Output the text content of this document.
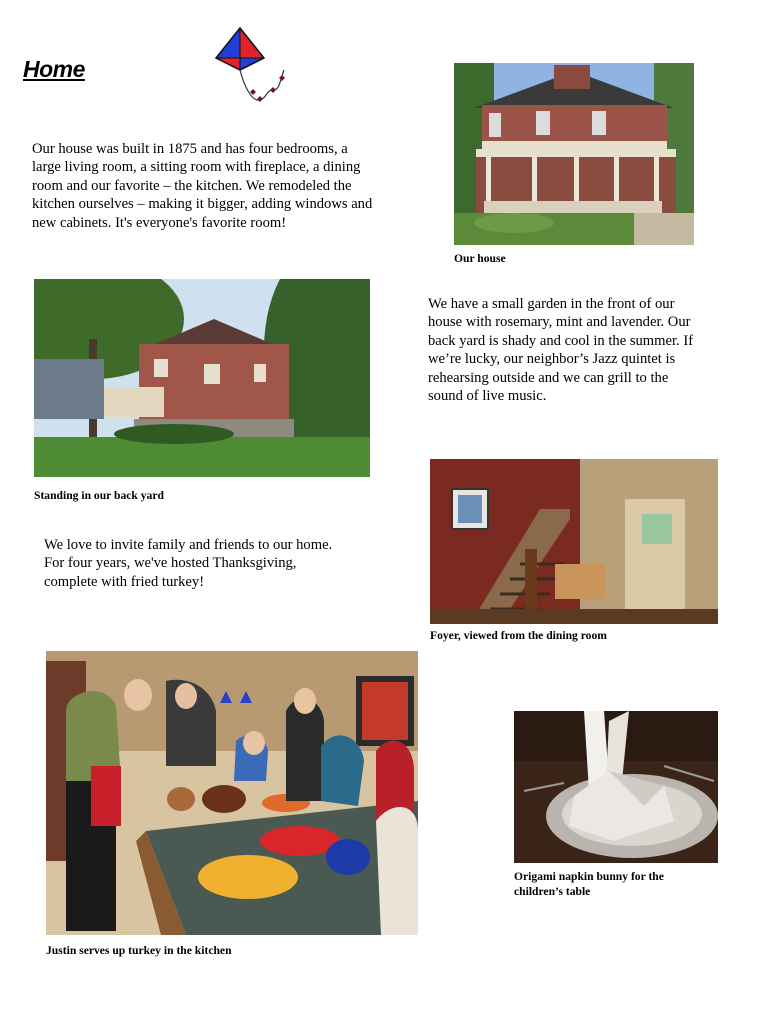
Home

Our house was built in 1875 and has four bedrooms, a large living room, a sitting room with fireplace, a dining room and our favorite – the kitchen. We remodeled the kitchen ourselves – making it bigger, adding windows and new cabinets. It's everyone's favorite room!

Our house
Standing in our back yard

We have a small garden in the front of our house with rosemary, mint and lavender. Our back yard is shady and cool in the summer. If we’re lucky, our neighbor’s Jazz quintet is rehearsing outside and we can grill to the sound of live music.

Foyer, viewed from the dining room

We love to invite family and friends to our home. For four years, we've hosted Thanksgiving, complete with fried turkey!

Justin serves up turkey in the kitchen
Origami napkin bunny for the children’s table
